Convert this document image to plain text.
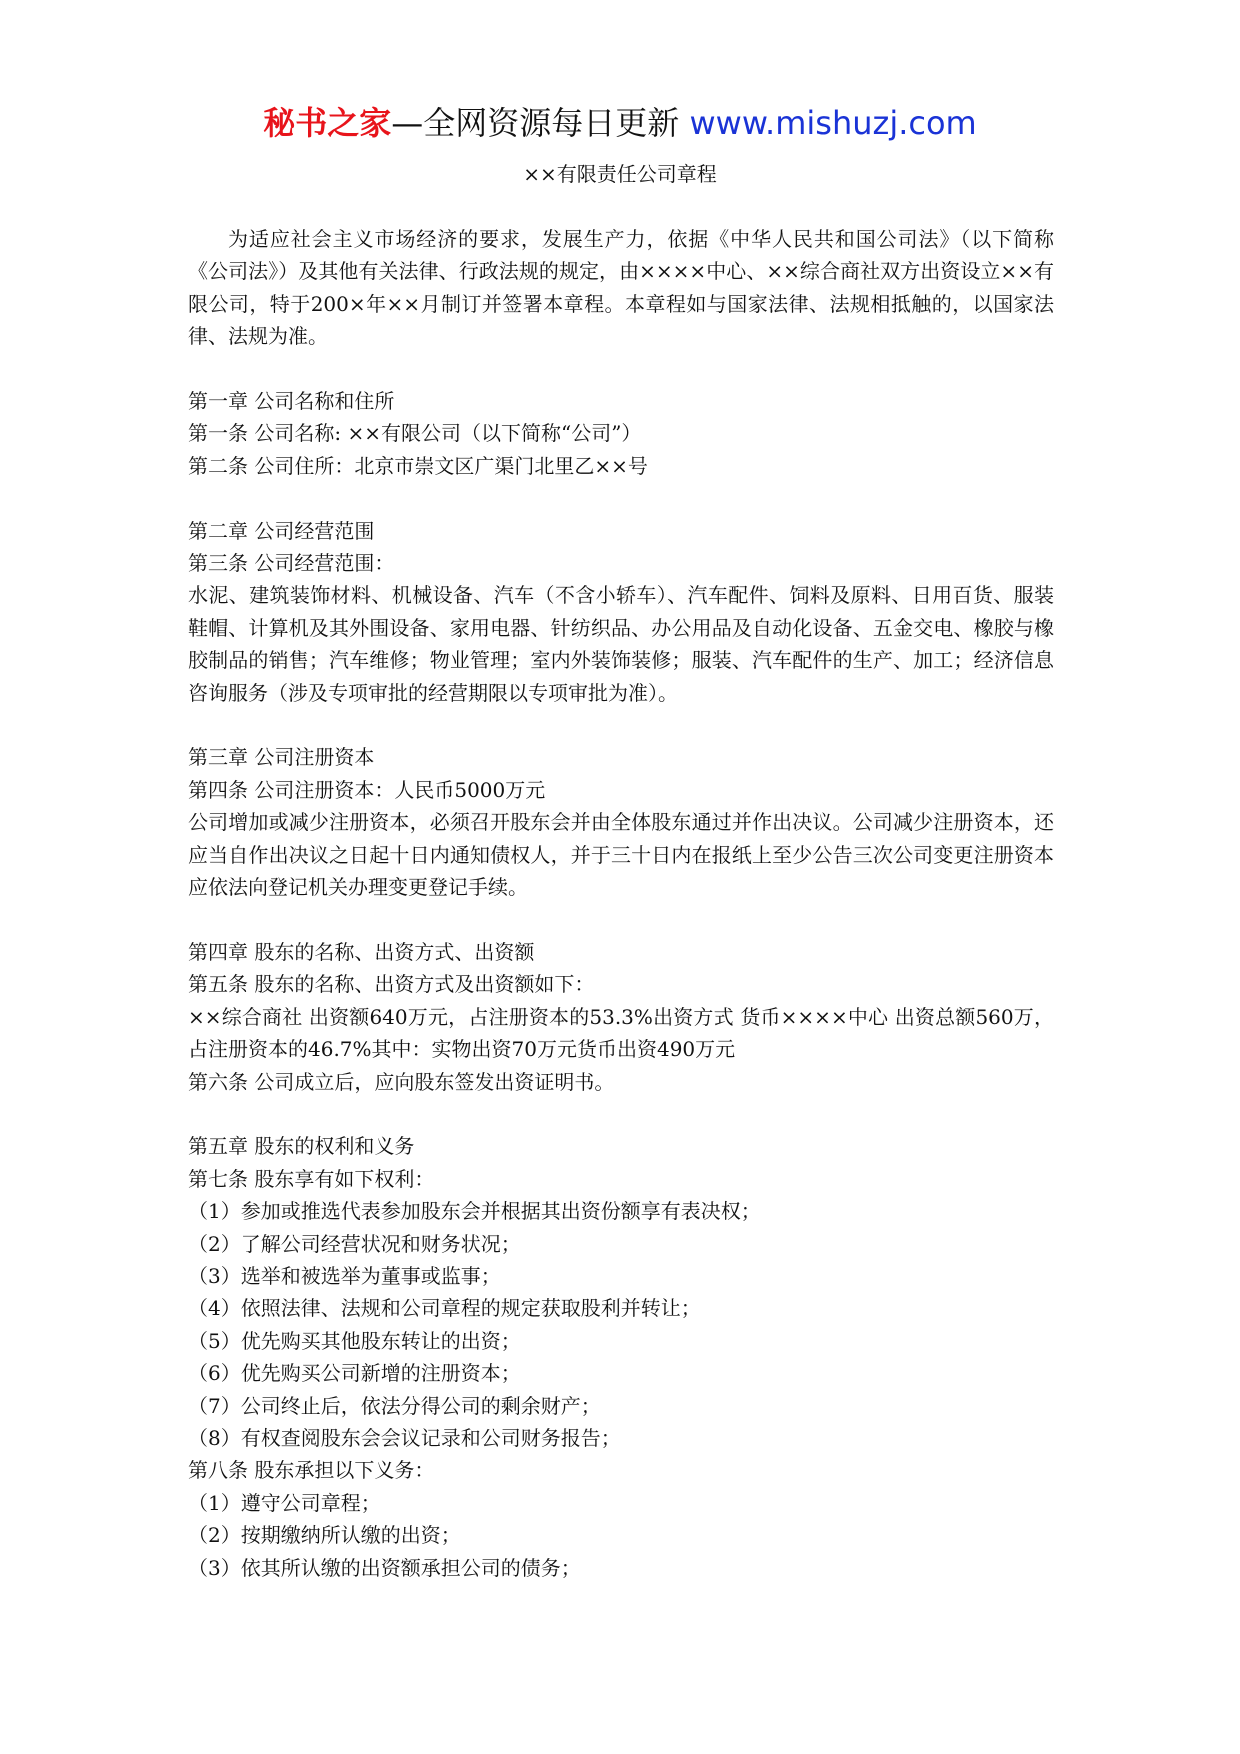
秘书之家—全网资源每日更新 www.mishuzj.com
××有限责任公司章程

为适应社会主义市场经济的要求，发展生产力，依据《中华人民共和国公司法》（以下简称《公司法》）及其他有关法律、行政法规的规定，由××××中心、××综合商社双方出资设立××有限公司，特于200×年××月制订并签署本章程。本章程如与国家法律、法规相抵触的，以国家法律、法规为准。

第一章 公司名称和住所

第一条 公司名称: ××有限公司（以下简称“公司”）

第二条 公司住所：北京市崇文区广渠门北里乙××号

第二章 公司经营范围

第三条 公司经营范围：

水泥、建筑装饰材料、机械设备、汽车（不含小轿车）、汽车配件、饲料及原料、日用百货、服装鞋帽、计算机及其外围设备、家用电器、针纺织品、办公用品及自动化设备、五金交电、橡胶与橡胶制品的销售；汽车维修；物业管理；室内外装饰装修；服装、汽车配件的生产、加工；经济信息咨询服务（涉及专项审批的经营期限以专项审批为准）。

第三章 公司注册资本

第四条 公司注册资本：人民币5000万元

公司增加或减少注册资本，必须召开股东会并由全体股东通过并作出决议。公司减少注册资本，还应当自作出决议之日起十日内通知债权人，并于三十日内在报纸上至少公告三次公司变更注册资本应依法向登记机关办理变更登记手续。

第四章 股东的名称、出资方式、出资额

第五条 股东的名称、出资方式及出资额如下：

××综合商社 出资额640万元，占注册资本的53.3%出资方式 货币××××中心 出资总额560万，占注册资本的46.7%其中：实物出资70万元货币出资490万元

第六条 公司成立后，应向股东签发出资证明书。

第五章 股东的权利和义务

第七条 股东享有如下权利：

（1）参加或推选代表参加股东会并根据其出资份额享有表决权；

（2）了解公司经营状况和财务状况；

（3）选举和被选举为董事或监事；

（4）依照法律、法规和公司章程的规定获取股利并转让；

（5）优先购买其他股东转让的出资；

（6）优先购买公司新增的注册资本；

（7）公司终止后，依法分得公司的剩余财产；

（8）有权查阅股东会会议记录和公司财务报告；

第八条 股东承担以下义务：

（1）遵守公司章程；

（2）按期缴纳所认缴的出资；

（3）依其所认缴的出资额承担公司的债务；
